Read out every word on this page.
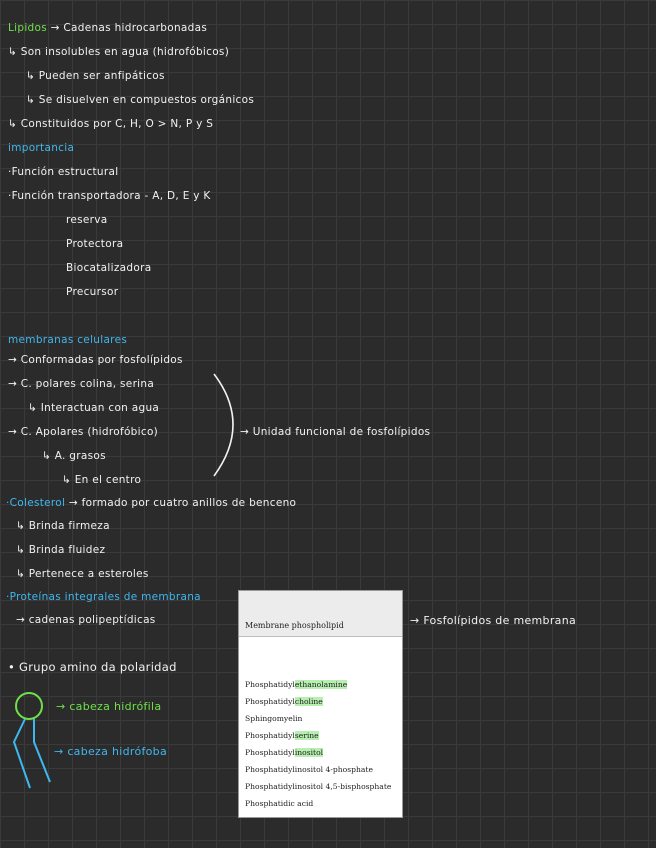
Lipidos → Cadenas hidrocarbonadas
↳ Son insolubles en agua (hidrofóbicos)
↳ Pueden ser anfipáticos
↳ Se disuelven en compuestos orgánicos
↳ Constituidos por C, H, O > N, P y S
importancia
·Función estructural
·Función transportadora - A, D, E y K
reserva
Protectora
Biocatalizadora
Precursor
membranas celulares
→ Conformadas por fosfolípidos
→ C. polares colina, serina
↳ Interactuan con agua
→ C. Apolares (hidrofóbico)
↳ A. grasos
↳ En el centro
→ Unidad funcional de fosfolípidos
·Colesterol → formado por cuatro anillos de benceno
↳ Brinda firmeza
↳ Brinda fluidez
↳ Pertenece a esteroles
·Proteínas integrales de membrana
→ cadenas polipeptídicas	→ Fosfolípidos de membrana
• Grupo amino da polaridad
→ cabeza hidrófila
→ cabeza hidrófoba
Membrane phospholipid
Phosphatidylethanolamine
Phosphatidylcholine
Sphingomyelin
Phosphatidylserine
Phosphatidylinositol
Phosphatidylinositol 4-phosphate
Phosphatidylinositol 4,5-bisphosphate
Phosphatidic acid
